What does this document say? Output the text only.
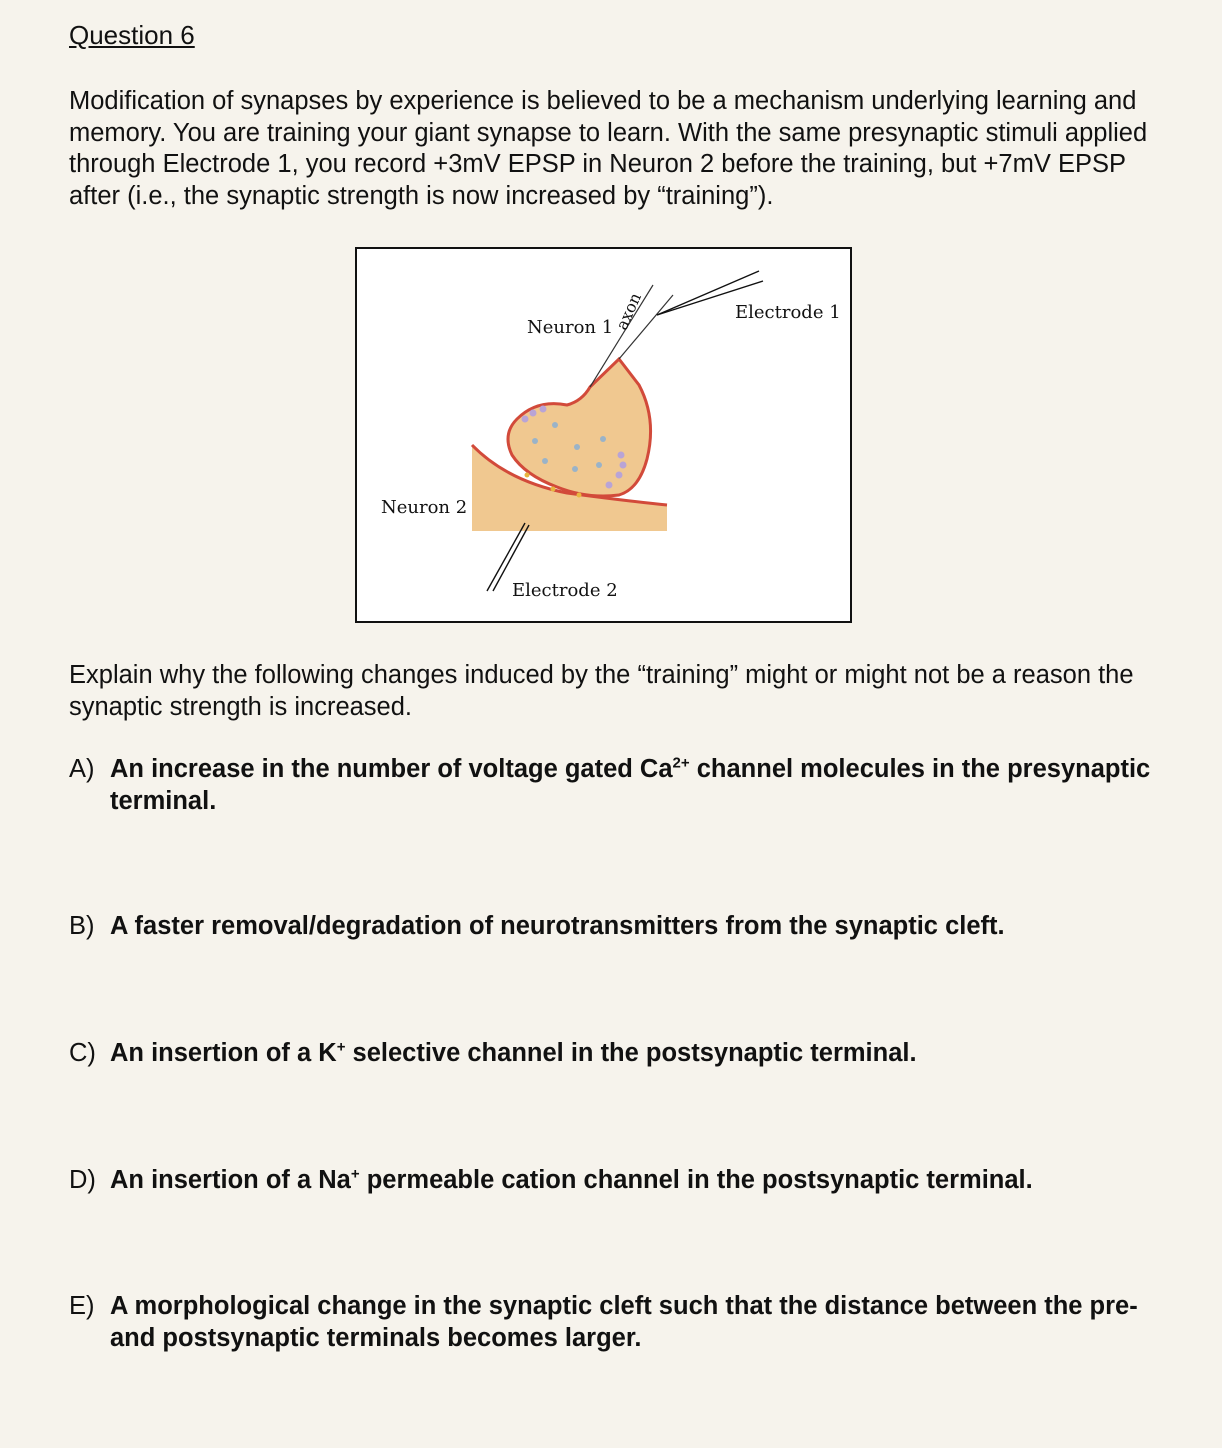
Question 6

Modification of synapses by experience is believed to be a mechanism underlying learning and memory. You are training your giant synapse to learn. With the same presynaptic stimuli applied through Electrode 1, you record +3mV EPSP in Neuron 2 before the training, but +7mV EPSP after (i.e., the synaptic strength is now increased by “training”).

Neuron 1
Neuron 2
Electrode 1
Electrode 2
axon

Explain why the following changes induced by the “training” might or might not be a reason the synaptic strength is increased.

A) An increase in the number of voltage gated $Ca^{2+}$ channel molecules in the presynaptic terminal.
B) A faster removal/degradation of neurotransmitters from the synaptic cleft.
C) An insertion of a K+ selective channel in the postsynaptic terminal.
D) An insertion of a Na+ permeable cation channel in the postsynaptic terminal.
E) A morphological change in the synaptic cleft such that the distance between the pre- and postsynaptic terminals becomes larger.
